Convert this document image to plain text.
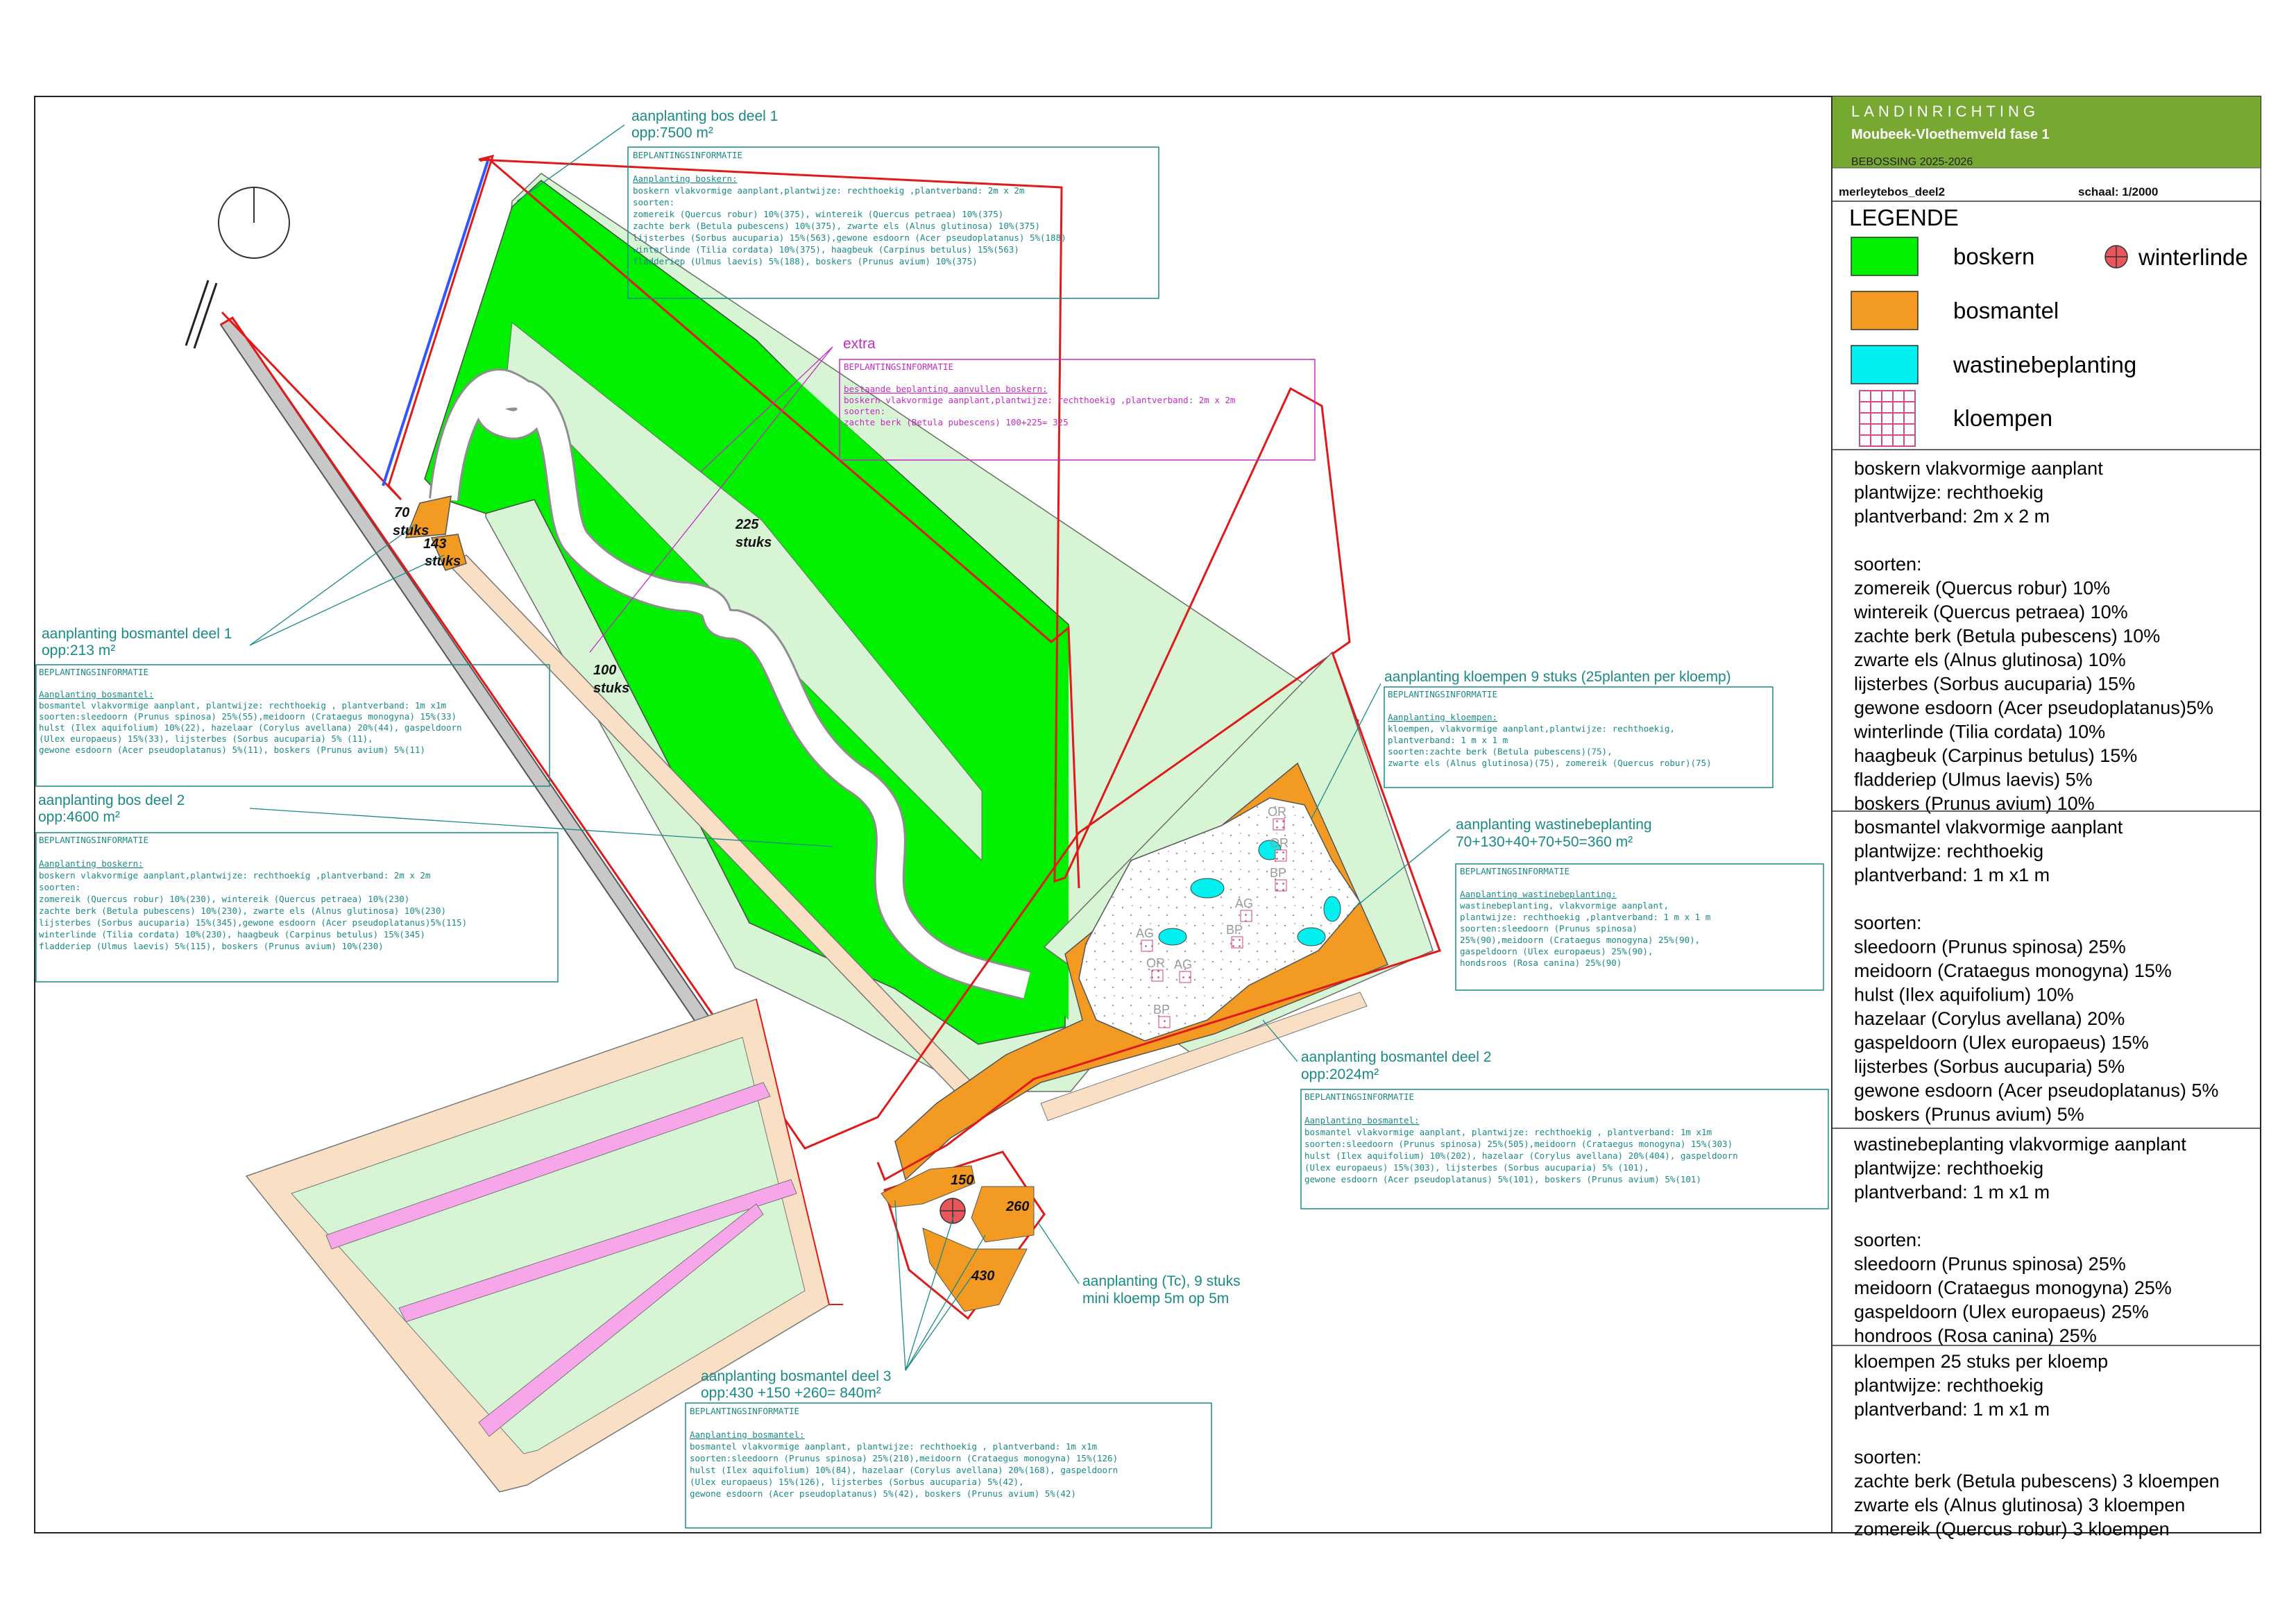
OR
AG
OR
BP
AG
OR
BP
AG
BP
aanplanting bos deel 1
opp:7500 m²
BEPLANTINGSINFORMATIE
Aanplanting boskern:
boskern vlakvormige aanplant,plantwijze: rechthoekig ,plantverband: 2m x 2m
soorten:
zomereik (Quercus robur) 10%(375), wintereik (Quercus petraea) 10%(375)
zachte berk (Betula pubescens) 10%(375), zwarte els (Alnus glutinosa) 10%(375)
lijsterbes (Sorbus aucuparia) 15%(563),gewone esdoorn (Acer pseudoplatanus) 5%(188)
winterlinde (Tilia cordata) 10%(375), haagbeuk (Carpinus betulus) 15%(563)
fladderiep (Ulmus laevis) 5%(188), boskers (Prunus avium) 10%(375)
extra
BEPLANTINGSINFORMATIE
bestaande beplanting aanvullen boskern:
boskern vlakvormige aanplant,plantwijze: rechthoekig ,plantverband: 2m x 2m
soorten:
zachte berk (Betula pubescens) 100+225= 325
aanplanting bosmantel deel 1
opp:213 m²
BEPLANTINGSINFORMATIE
Aanplanting bosmantel:
bosmantel vlakvormige aanplant, plantwijze: rechthoekig , plantverband: 1m x1m
soorten:sleedoorn (Prunus spinosa) 25%(55),meidoorn (Crataegus monogyna) 15%(33)
hulst (Ilex aquifolium) 10%(22), hazelaar (Corylus avellana) 20%(44), gaspeldoorn
(Ulex europaeus) 15%(33), lijsterbes (Sorbus aucuparia) 5% (11),
gewone esdoorn (Acer pseudoplatanus) 5%(11), boskers (Prunus avium) 5%(11)
aanplanting bos deel 2
opp:4600 m²
BEPLANTINGSINFORMATIE
Aanplanting boskern:
boskern vlakvormige aanplant,plantwijze: rechthoekig ,plantverband: 2m x 2m
soorten:
zomereik (Quercus robur) 10%(230), wintereik (Quercus petraea) 10%(230)
zachte berk (Betula pubescens) 10%(230), zwarte els (Alnus glutinosa) 10%(230)
lijsterbes (Sorbus aucuparia) 15%(345),gewone esdoorn (Acer pseudoplatanus)5%(115)
winterlinde (Tilia cordata) 10%(230), haagbeuk (Carpinus betulus) 15%(345)
fladderiep (Ulmus laevis) 5%(115), boskers (Prunus avium) 10%(230)
aanplanting kloempen 9 stuks (25planten per kloemp)
BEPLANTINGSINFORMATIE
Aanplanting kloempen:
kloempen, vlakvormige aanplant,plantwijze: rechthoekig,
plantverband: 1 m x 1 m
soorten:zachte berk (Betula pubescens)(75),
zwarte els (Alnus glutinosa)(75), zomereik (Quercus robur)(75)
aanplanting wastinebeplanting
70+130+40+70+50=360 m²
BEPLANTINGSINFORMATIE
Aanplanting wastinebeplanting:
wastinebeplanting, vlakvormige aanplant,
plantwijze: rechthoekig ,plantverband: 1 m x 1 m
soorten:sleedoorn (Prunus spinosa)
25%(90),meidoorn (Crataegus monogyna) 25%(90),
gaspeldoorn (Ulex europaeus) 25%(90),
hondsroos (Rosa canina) 25%(90)
aanplanting bosmantel deel 2
opp:2024m²
BEPLANTINGSINFORMATIE
Aanplanting bosmantel:
bosmantel vlakvormige aanplant, plantwijze: rechthoekig , plantverband: 1m x1m
soorten:sleedoorn (Prunus spinosa) 25%(505),meidoorn (Crataegus monogyna) 15%(303)
hulst (Ilex aquifolium) 10%(202), hazelaar (Corylus avellana) 20%(404), gaspeldoorn
(Ulex europaeus) 15%(303), lijsterbes (Sorbus aucuparia) 5% (101),
gewone esdoorn (Acer pseudoplatanus) 5%(101), boskers (Prunus avium) 5%(101)
aanplanting (Tc), 9 stuks
mini kloemp 5m op 5m
aanplanting bosmantel deel 3
opp:430 +150 +260= 840m²
BEPLANTINGSINFORMATIE
Aanplanting bosmantel:
bosmantel vlakvormige aanplant, plantwijze: rechthoekig , plantverband: 1m x1m
soorten:sleedoorn (Prunus spinosa) 25%(210),meidoorn (Crataegus monogyna) 15%(126)
hulst (Ilex aquifolium) 10%(84), hazelaar (Corylus avellana) 20%(168), gaspeldoorn
(Ulex europaeus) 15%(126), lijsterbes (Sorbus aucuparia) 5%(42),
gewone esdoorn (Acer pseudoplatanus) 5%(42), boskers (Prunus avium) 5%(42)
70
stuks
143
stuks
225
stuks
100
stuks
150
260
430
LANDINRICHTING
Moubeek-Vloethemveld fase 1
BEBOSSING 2025-2026
merleytebos_deel2	schaal: 1/2000
LEGENDE
boskern
bosmantel
wastinebeplanting
kloempen
winterlinde
boskern vlakvormige aanplant
plantwijze: rechthoekig
plantverband: 2m x 2 m
soorten:
zomereik (Quercus robur) 10%
wintereik (Quercus petraea) 10%
zachte berk (Betula pubescens) 10%
zwarte els (Alnus glutinosa) 10%
lijsterbes (Sorbus aucuparia) 15%
gewone esdoorn (Acer pseudoplatanus)5%
winterlinde (Tilia cordata) 10%
haagbeuk (Carpinus betulus) 15%
fladderiep (Ulmus laevis) 5%
boskers (Prunus avium) 10%
bosmantel vlakvormige aanplant
plantwijze: rechthoekig
plantverband: 1 m x1 m
soorten:
sleedoorn (Prunus spinosa) 25%
meidoorn (Crataegus monogyna) 15%
hulst (Ilex aquifolium) 10%
hazelaar (Corylus avellana) 20%
gaspeldoorn (Ulex europaeus) 15%
lijsterbes (Sorbus aucuparia) 5%
gewone esdoorn (Acer pseudoplatanus) 5%
boskers (Prunus avium) 5%
wastinebeplanting vlakvormige aanplant
plantwijze: rechthoekig
plantverband: 1 m x1 m
soorten:
sleedoorn (Prunus spinosa) 25%
meidoorn (Crataegus monogyna) 25%
gaspeldoorn (Ulex europaeus) 25%
hondroos (Rosa canina) 25%
kloempen 25 stuks per kloemp
plantwijze: rechthoekig
plantverband: 1 m x1 m
soorten:
zachte berk (Betula pubescens) 3 kloempen
zwarte els (Alnus glutinosa) 3 kloempen
zomereik (Quercus robur) 3 kloempen
